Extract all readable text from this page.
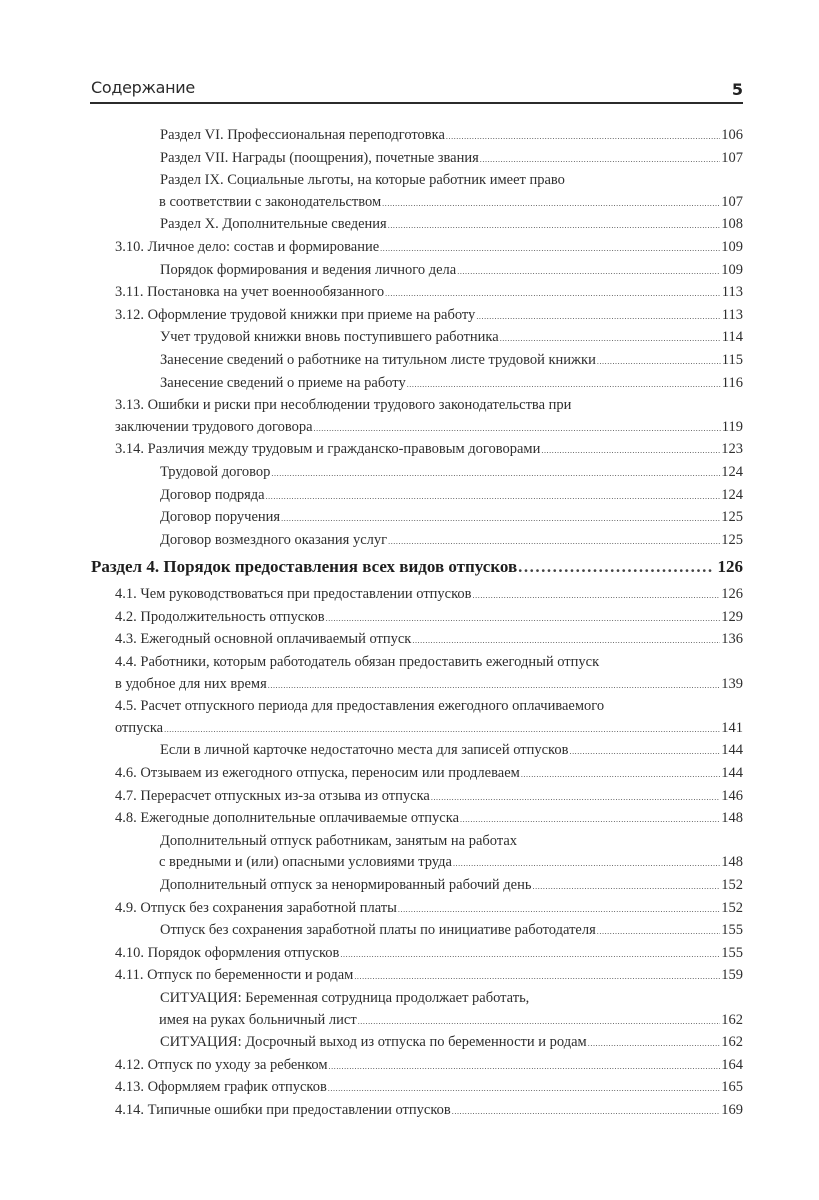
Содержание	5
Раздел VI. Профессиональная переподготовка .....	106
Раздел VII. Награды (поощрения), почетные звания .....	107
Раздел IX. Социальные льготы, на которые работник имеет право
в соответствии с законодательством .....	107
Раздел X. Дополнительные сведения .....	108
3.10. Личное дело: состав и формирование .....	109
Порядок формирования и ведения личного дела .....	109
3.11. Постановка на учет военнообязанного .....	113
3.12. Оформление трудовой книжки при приеме на работу .....	113
Учет трудовой книжки вновь поступившего работника .....	114
Занесение сведений о работнике на титульном листе трудовой книжки .....	115
Занесение сведений о приеме на работу .....	116
3.13. Ошибки и риски при несоблюдении трудового законодательства при
заключении трудового договора .....	119
3.14. Различия между трудовым и гражданско-правовым договорами .....	123
Трудовой договор .....	124
Договор подряда .....	124
Договор поручения .....	125
Договор возмездного оказания услуг .....	125
Раздел 4. Порядок предоставления всех видов отпусков .....	126
4.1. Чем руководствоваться при предоставлении отпусков .....	126
4.2. Продолжительность отпусков .....	129
4.3. Ежегодный основной оплачиваемый отпуск .....	136
4.4. Работники, которым работодатель обязан предоставить ежегодный отпуск
в удобное для них время .....	139
4.5. Расчет отпускного периода для предоставления ежегодного оплачиваемого
отпуска .....	141
Если в личной карточке недостаточно места для записей отпусков .....	144
4.6. Отзываем из ежегодного отпуска, переносим или продлеваем .....	144
4.7. Перерасчет отпускных из-за отзыва из отпуска .....	146
4.8. Ежегодные дополнительные оплачиваемые отпуска .....	148
Дополнительный отпуск работникам, занятым на работах
с вредными и (или) опасными условиями труда .....	148
Дополнительный отпуск за ненормированный рабочий день .....	152
4.9. Отпуск без сохранения заработной платы .....	152
Отпуск без сохранения заработной платы по инициативе работодателя .....	155
4.10. Порядок оформления отпусков .....	155
4.11. Отпуск по беременности и родам .....	159
СИТУАЦИЯ: Беременная сотрудница продолжает работать,
имея на руках больничный лист .....	162
СИТУАЦИЯ: Досрочный выход из отпуска по беременности и родам .....	162
4.12. Отпуск по уходу за ребенком .....	164
4.13. Оформляем график отпусков .....	165
4.14. Типичные ошибки при предоставлении отпусков .....	169
